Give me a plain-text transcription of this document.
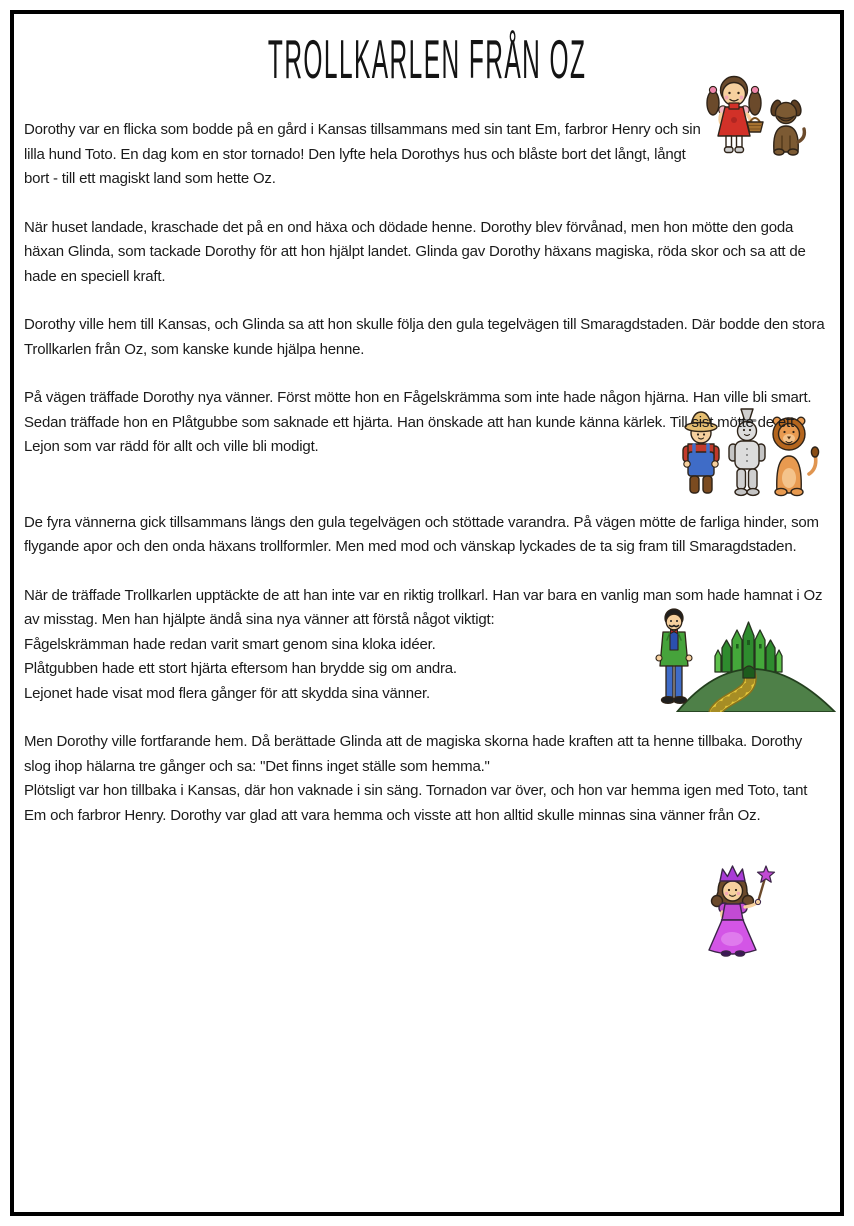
TROLLKARLEN FRÅN OZ

Dorothy var en flicka som bodde på en gård i Kansas tillsammans med sin tant Em, farbror Henry och sin lilla hund Toto. En dag kom en stor tornado! Den lyfte hela Dorothys hus och blåste bort det långt, långt bort - till ett magiskt land som hette Oz.

När huset landade, kraschade det på en ond häxa och dödade henne. Dorothy blev förvånad, men hon mötte den goda häxan Glinda, som tackade Dorothy för att hon hjälpt landet. Glinda gav Dorothy häxans magiska, röda skor och sa att de hade en speciell kraft.

Dorothy ville hem till Kansas, och Glinda sa att hon skulle följa den gula tegelvägen till Smaragdstaden. Där bodde den stora Trollkarlen från Oz, som kanske kunde hjälpa henne.

På vägen träffade Dorothy nya vänner. Först mötte hon en Fågelskrämma som inte hade någon hjärna. Han ville bli smart. Sedan träffade hon en Plåtgubbe som saknade ett hjärta. Han önskade att han kunde känna kärlek. Till sist mötte de ett Lejon som var rädd för allt och ville bli modigt.

De fyra vännerna gick tillsammans längs den gula tegelvägen och stöttade varandra. På vägen mötte de farliga hinder, som flygande apor och den onda häxans trollformler. Men med mod och vänskap lyckades de ta sig fram till Smaragdstaden.

När de träffade Trollkarlen upptäckte de att han inte var en riktig trollkarl. Han var bara en vanlig man som hade
hamnat i Oz av misstag. Men han hjälpte ändå sina nya vänner att förstå något viktigt:

Fågelskrämman hade redan varit smart genom sina kloka idéer.
Plåtgubben hade ett stort hjärta eftersom han brydde sig om andra.
Lejonet hade visat mod flera gånger för att skydda sina vänner.

Men Dorothy ville fortfarande hem. Då berättade Glinda att de magiska skorna hade kraften att ta henne tillbaka. Dorothy slog ihop hälarna tre gånger och sa: "Det finns inget ställe som hemma."

Plötsligt var hon tillbaka i Kansas, där hon vaknade i sin säng. Tornadon var över, och hon var hemma igen med Toto, tant Em och farbror Henry. Dorothy var glad att vara hemma och visste att hon alltid skulle minnas sina vänner från Oz.
